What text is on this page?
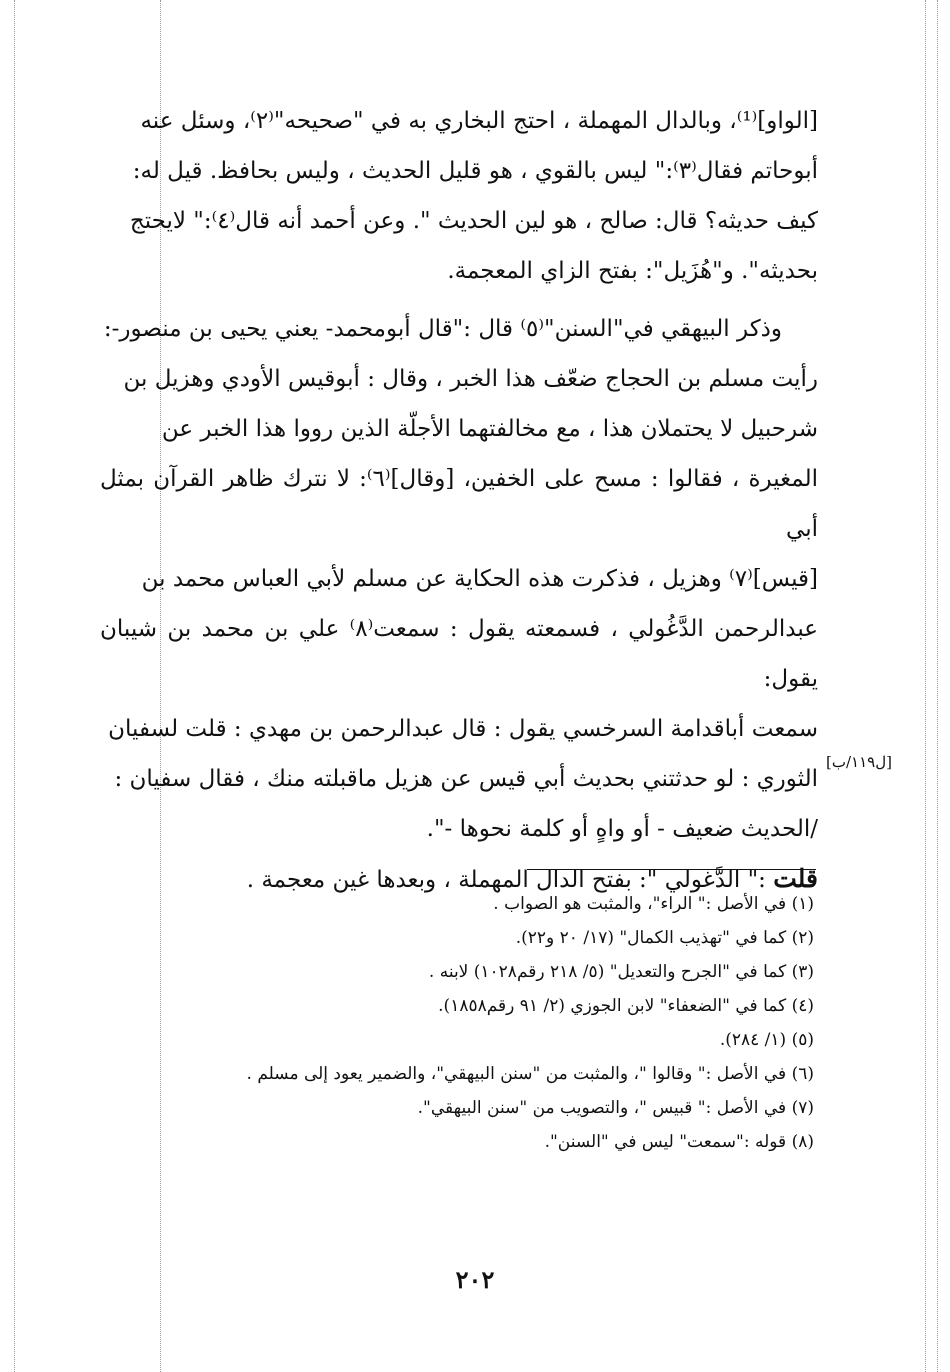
[الواو]⁽¹⁾، وبالدال المهملة ، احتج البخاري به في "صحيحه"⁽٢⁾، وسئل عنه

أبوحاتم فقال⁽٣⁾:" ليس بالقوي ، هو قليل الحديث ، وليس بحافظ. قيل له:

كيف حديثه؟ قال: صالح ، هو لين الحديث ". وعن أحمد أنه قال⁽٤⁾:" لايحتج

بحديثه". و"هُزَيل": بفتح الزاي المعجمة.

وذكر البيهقي في"السنن"⁽٥⁾ قال :"قال أبومحمد- يعني يحيى بن منصور-:

رأيت مسلم بن الحجاج ضعّف هذا الخبر ، وقال : أبوقيس الأودي وهزيل بن

شرحبيل لا يحتملان هذا ، مع مخالفتهما الأجلّة الذين رووا هذا الخبر عن

المغيرة ، فقالوا : مسح على الخفين، [وقال]⁽٦⁾: لا نترك ظاهر القرآن بمثل أبي

[قيس]⁽٧⁾ وهزيل ، فذكرت هذه الحكاية عن مسلم لأبي العباس محمد بن

عبدالرحمن الدَّغُولي ، فسمعته يقول : سمعت⁽٨⁾ علي بن محمد بن شيبان يقول:

سمعت أباقدامة السرخسي يقول : قال عبدالرحمن بن مهدي : قلت لسفيان

الثوري : لو حدثتني بحديث أبي قيس عن هزيل ماقبلته منك ، فقال سفيان :

/الحديث ضعيف - أو واهٍ أو كلمة نحوها -".

قلت :" الدَّغولي ": بفتح الدال المهملة ، وبعدها غين معجمة .

[ل١١٩/ب]
(١) في الأصل :" الراء"، والمثبت هو الصواب .
(٢) كما في "تهذيب الكمال" (١٧/ ٢٠ و٢٢).
(٣) كما في "الجرح والتعديل" (٥/ ٢١٨ رقم١٠٢٨) لابنه .
(٤) كما في "الضعفاء" لابن الجوزي (٢/ ٩١ رقم١٨٥٨).
(٥) (١/ ٢٨٤).
(٦) في الأصل :" وقالوا "، والمثبت من "سنن البيهقي"، والضمير يعود إلى مسلم .
(٧) في الأصل :" قبيس "، والتصويب من "سنن البيهقي".
(٨) قوله :"سمعت" ليس في "السنن".
٢٠٢
